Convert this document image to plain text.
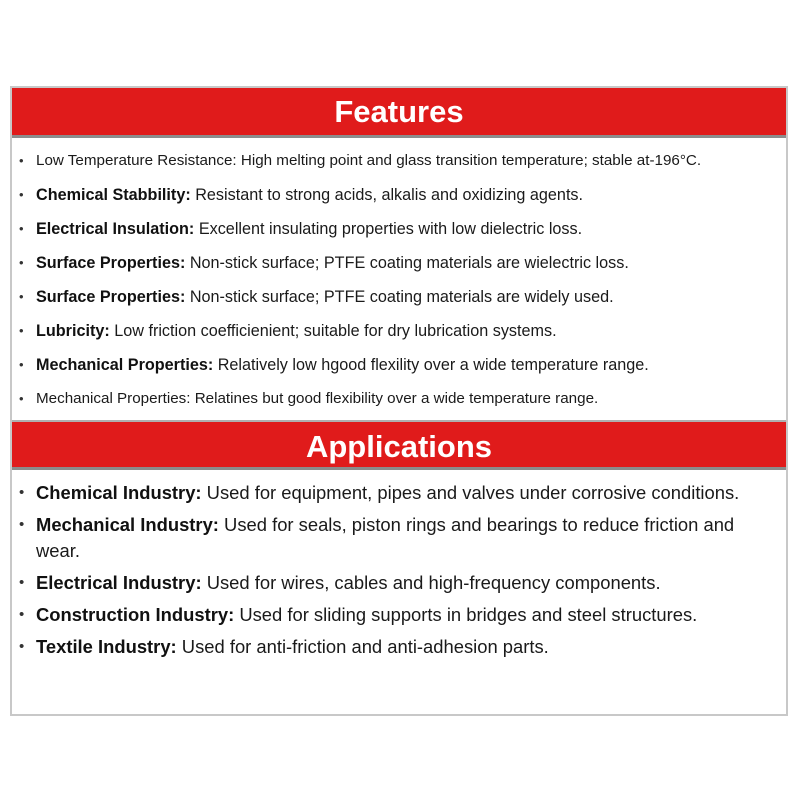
Features
• Low Temperature Resistance: High melting point and glass transition temperature; stable at-196°C.
• Chemical Stabbility: Resistant to strong acids, alkalis and oxidizing agents.
• Electrical Insulation: Excellent insulating properties with low dielectric loss.
• Surface Properties: Non-stick surface; PTFE coating materials are wielectric loss.
• Surface Properties: Non-stick surface; PTFE coating materials are widely used.
• Lubricity: Low friction coefficienient; suitable for dry lubrication systems.
• Mechanical Properties: Relatively low hgood flexility over a wide temperature range.
• Mechanical Properties: Relatines but good flexibility over a wide temperature range.
Applications
• Chemical Industry: Used for equipment, pipes and valves under corrosive conditions.
• Mechanical Industry: Used for seals, piston rings and bearings to reduce friction and wear.
• Electrical Industry: Used for wires, cables and high-frequency components.
• Construction Industry: Used for sliding supports in bridges and steel structures.
• Textile Industry: Used for anti-friction and anti-adhesion parts.
